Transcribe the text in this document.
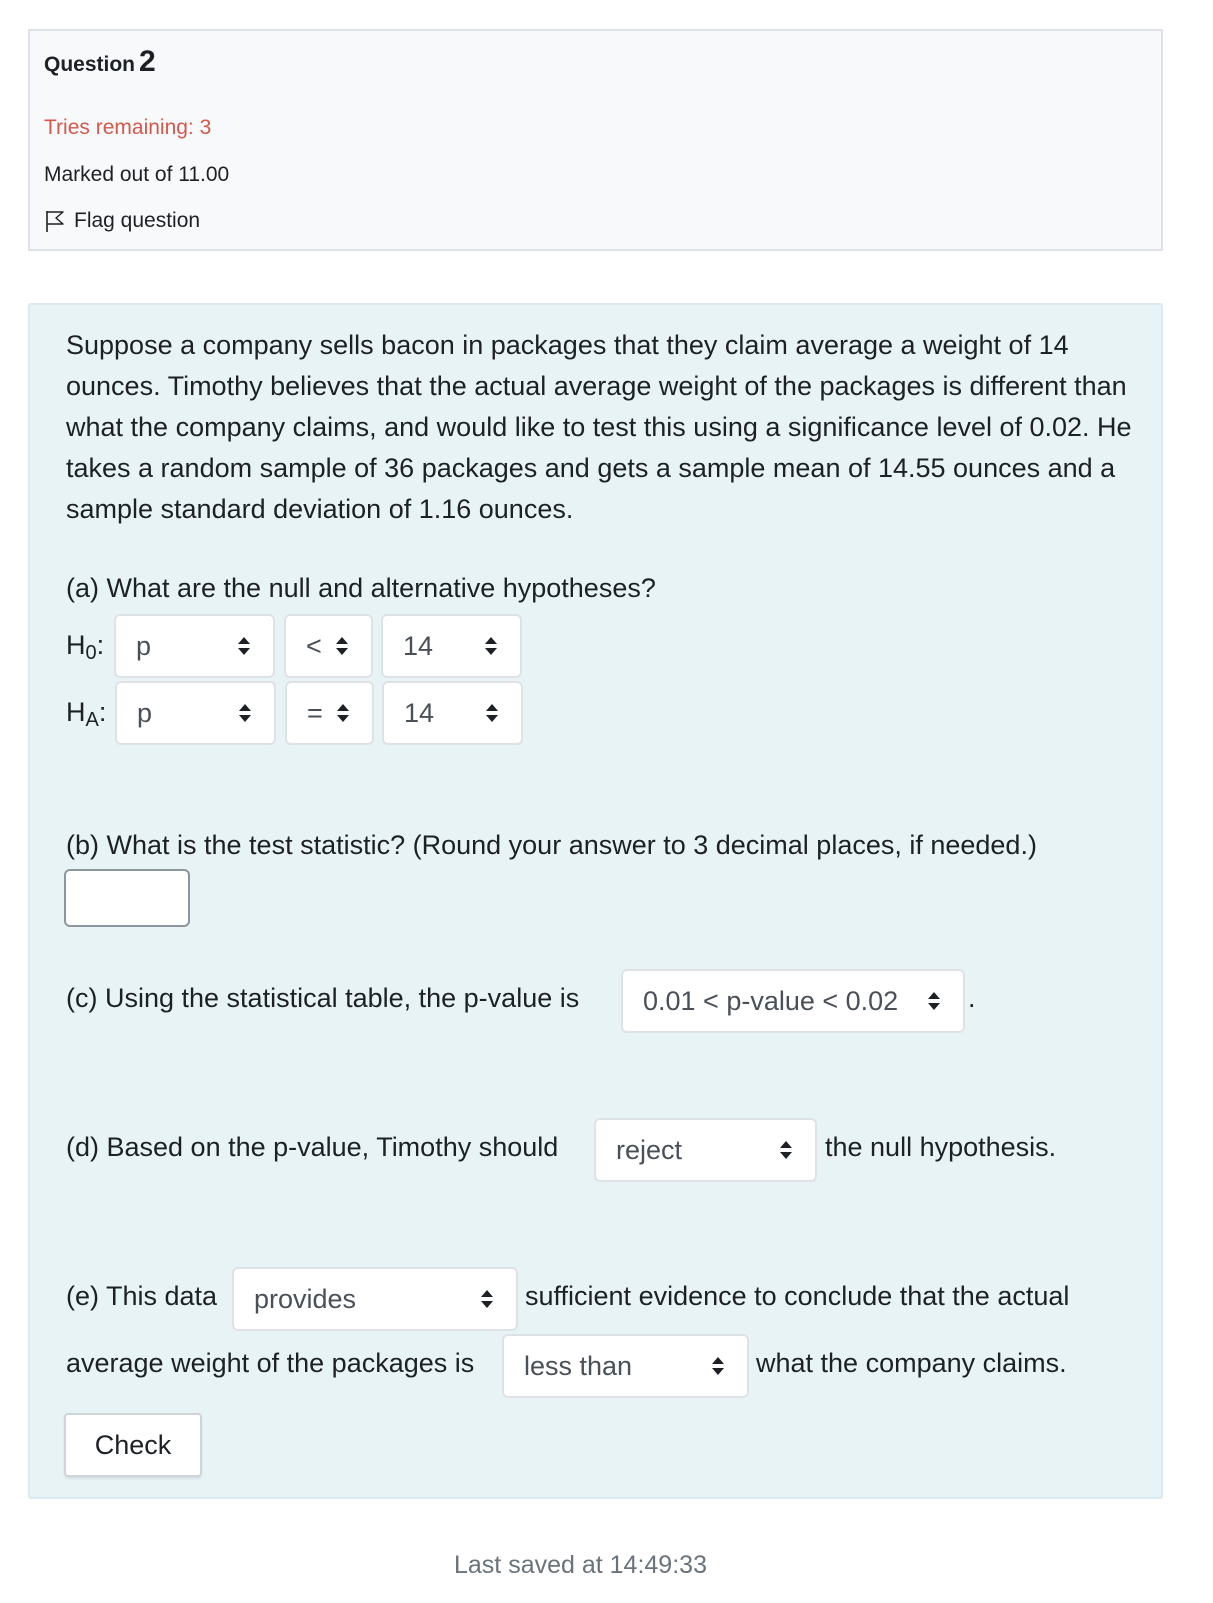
Question 2
Tries remaining: 3
Marked out of 11.00
Flag question

Suppose a company sells bacon in packages that they claim average a weight of 14 ounces. Timothy believes that the actual average weight of the packages is different than what the company claims, and would like to test this using a significance level of 0.02. He takes a random sample of 36 packages and gets a sample mean of 14.55 ounces and a sample standard deviation of 1.16 ounces.

(a) What are the null and alternative hypotheses?
$H_0$: p	<	14
$H_A$: p	=	14
(b) What is the test statistic? (Round your answer to 3 decimal places, if needed.)
(c) Using the statistical table, the p-value is 0.01 < p-value < 0.02	.
(d) Based on the p-value, Timothy should reject	the null hypothesis.
(e) This data provides	sufficient evidence to conclude that the actual
average weight of the packages is less than	what the company claims.
Check
Last saved at 14:49:33
